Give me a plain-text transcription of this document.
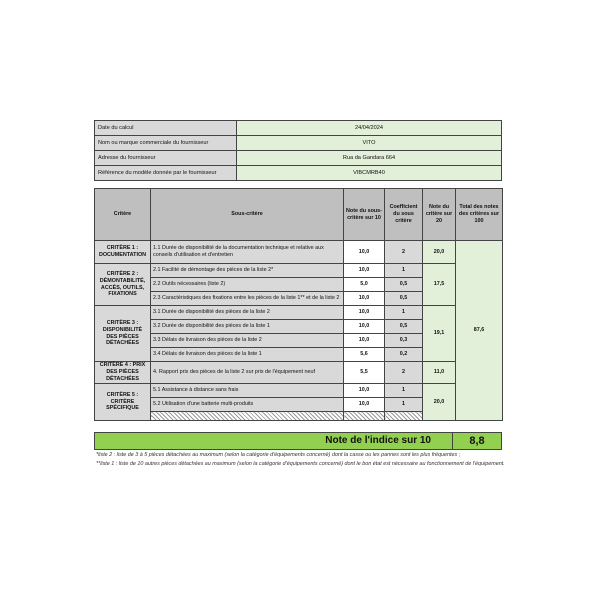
Date du calcul	24/04/2024
Nom ou marque commerciale du fournisseur	VITO
Adresse du fournisseur	Rua da Gandara 664
Référence du modèle donnée par le fournisseur	VIBCMRB40
Critère	Sous-critère	Note du sous-critère sur 10	Coefficient du sous critère	Note du critère sur 20	Total des notes des critères sur 100
CRITÈRE 1 : DOCUMENTATION	1.1 Durée de disponibilité de la documentation technique et relative aux conseils d'utilisation et d'entretien	10,0	2	20,0	87,6
CRITÈRE 2 : DÉMONTABILITÉ, ACCÈS, OUTILS, FIXATIONS	2.1 Facilité de démontage des pièces de la liste 2*	10,0	1	17,5	
	2.2 Outils nécessaires (liste 2)	5,0	0,5		
	2.3 Caractéristiques des fixations entre les pièces de la liste 1** et de la liste 2	10,0	0,5		
CRITÈRE 3 : DISPONIBILITÉ DES PIÈCES DÉTACHÉES	3.1 Durée de disponibilité des pièces de la liste 2	10,0	1	19,1	
	3.2 Durée de disponibilité des pièces de la liste 1	10,0	0,5		
	3.3 Délais de livraison des pièces de la liste 2	10,0	0,3		
	3.4 Délais de livraison des pièces de la liste 1	5,6	0,2		
CRITÈRE 4 : PRIX DES PIÈCES DÉTACHÉES	4. Rapport prix des pièces de la liste 2 sur prix de l'équipement neuf	5,5	2	11,0	
CRITÈRE 5 : CRITÈRE SPÉCIFIQUE	5.1 Assistance à distance sans frais	10,0	1	20,0	
	5.2 Utilisation d'une batterie multi-produits	10,0	1		

Note de l'indice sur 10	8,8
*liste 2 : liste de 3 à 5 pièces détachées au maximum (selon la catégorie d'équipements concerné) dont la casse ou les pannes sont les plus fréquentes ;
**liste 1 : liste de 10 autres pièces détachées au maximum (selon la catégorie d'équipements concerné) dont le bon état est nécessaire au fonctionnement de l'équipement.
